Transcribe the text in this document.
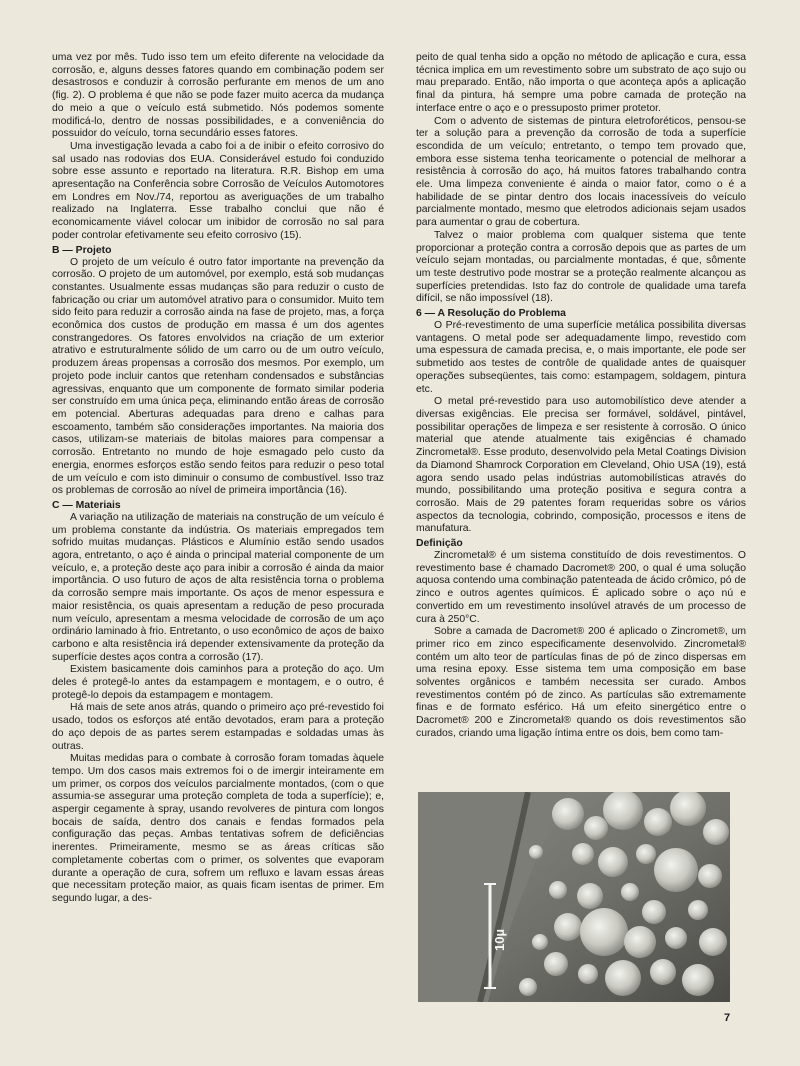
uma vez por mês. Tudo isso tem um efeito diferente na velocidade da corrosão, e, alguns desses fatores quando em combinação podem ser desastrosos e conduzir à corrosão perfurante em menos de um ano (fig. 2). O problema é que não se pode fazer muito acerca da mudança do meio a que o veículo está submetido. Nós podemos somente modificá-lo, dentro de nossas possibilidades, e a conveniência do possuidor do veículo, torna secundário esses fatores.

Uma investigação levada a cabo foi a de inibir o efeito corrosivo do sal usado nas rodovias dos EUA. Considerável estudo foi conduzido sobre esse assunto e reportado na literatura. R.R. Bishop em uma apresentação na Conferência sobre Corrosão de Veículos Automotores em Londres em Nov./74, reportou as averiguações de um trabalho realizado na Inglaterra. Esse trabalho conclui que não é economicamente viável colocar um inibidor de corrosão no sal para poder controlar efetivamente seu efeito corrosivo (15).

B — Projeto

O projeto de um veículo é outro fator importante na prevenção da corrosão. O projeto de um automóvel, por exemplo, está sob mudanças constantes. Usualmente essas mudanças são para reduzir o custo de fabricação ou criar um automóvel atrativo para o consumidor. Muito tem sido feito para reduzir a corrosão ainda na fase de projeto, mas, a força econômica dos custos de produção em massa é um dos agentes constrangedores. Os fatores envolvidos na criação de um exterior atrativo e estruturalmente sólido de um carro ou de um outro veículo, produzem áreas propensas a corrosão dos mesmos. Por exemplo, um projeto pode incluir cantos que retenham condensados e substâncias agressivas, enquanto que um componente de formato similar poderia ser construído em uma única peça, eliminando então áreas de corrosão em potencial. Aberturas adequadas para dreno e calhas para escoamento, também são considerações importantes. Na maioria dos casos, utilizam-se materiais de bitolas maiores para compensar a corrosão. Entretanto no mundo de hoje esmagado pelo custo da energia, enormes esforços estão sendo feitos para reduzir o peso total de um veículo e com isto diminuir o consumo de combustível. Isso traz os problemas de corrosão ao nível de primeira importância (16).

C — Materiais

A variação na utilização de materiais na construção de um veículo é um problema constante da indústria. Os materiais empregados tem sofrido muitas mudanças. Plásticos e Alumínio estão sendo usados agora, entretanto, o aço é ainda o principal material componente de um veículo, e, a proteção deste aço para inibir a corrosão é ainda da maior importância. O uso futuro de aços de alta resistência torna o problema da corrosão sempre mais importante. Os aços de menor espessura e maior resistência, os quais apresentam a redução de peso procurada num veículo, apresentam a mesma velocidade de corrosão de um aço ordinário laminado à frio. Entretanto, o uso econômico de aços de baixo carbono e alta resistência irá depender extensivamente da proteção da superfície destes aços contra a corrosão (17).

Existem basicamente dois caminhos para a proteção do aço. Um deles é protegê-lo antes da estampagem e montagem, e o outro, é protegê-lo depois da estampagem e montagem.

Há mais de sete anos atrás, quando o primeiro aço pré-revestido foi usado, todos os esforços até então devotados, eram para a proteção do aço depois de as partes serem estampadas e soldadas umas às outras.

Muitas medidas para o combate à corrosão foram tomadas àquele tempo. Um dos casos mais extremos foi o de imergir inteiramente em um primer, os corpos dos veículos parcialmente montados, (com o que assumia-se assegurar uma proteção completa de toda a superfície); e, aspergir cegamente à spray, usando revolveres de pintura com longos bocais de saída, dentro dos canais e fendas formados pela configuração das peças. Ambas tentativas sofrem de deficiências inerentes. Primeiramente, mesmo se as áreas críticas são completamente cobertas com o primer, os solventes que evaporam durante a operação de cura, sofrem um refluxo e lavam essas áreas que necessitam proteção maior, as quais ficam isentas de primer. Em segundo lugar, a des-

peito de qual tenha sido a opção no método de aplicação e cura, essa técnica implica em um revestimento sobre um substrato de aço sujo ou mau preparado. Então, não importa o que aconteça após a aplicação final da pintura, há sempre uma pobre camada de proteção na interface entre o aço e o pressuposto primer protetor.

Com o advento de sistemas de pintura eletroforéticos, pensou-se ter a solução para a prevenção da corrosão de toda a superfície escondida de um veículo; entretanto, o tempo tem provado que, embora esse sistema tenha teoricamente o potencial de melhorar a resistência à corrosão do aço, há muitos fatores trabalhando contra ele. Uma limpeza conveniente é ainda o maior fator, como o é a habilidade de se pintar dentro dos locais inacessíveis do veículo parcialmente montado, mesmo que eletrodos adicionais sejam usados para aumentar o grau de cobertura.

Talvez o maior problema com qualquer sistema que tente proporcionar a proteção contra a corrosão depois que as partes de um veículo sejam montadas, ou parcialmente montadas, é que, sômente um teste destrutivo pode mostrar se a proteção realmente alcançou as superfícies pretendidas. Isto faz do controle de qualidade uma tarefa difícil, se não impossível (18).

6 — A Resolução do Problema

O Pré-revestimento de uma superfície metálica possibilita diversas vantagens. O metal pode ser adequadamente limpo, revestido com uma espessura de camada precisa, e, o mais importante, ele pode ser submetido aos testes de contrôle de qualidade antes de quaisquer operações subseqüentes, tais como: estampagem, soldagem, pintura etc.

O metal pré-revestido para uso automobilístico deve atender a diversas exigências. Ele precisa ser formável, soldável, pintável, possibilitar operações de limpeza e ser resistente à corrosão. O único material que atende atualmente tais exigências é chamado Zincrometal®. Esse produto, desenvolvido pela Metal Coatings Division da Diamond Shamrock Corporation em Cleveland, Ohio USA (19), está agora sendo usado pelas indústrias automobilísticas através do mundo, possibilitando uma proteção positiva e segura contra a corrosão. Mais de 29 patentes foram requeridas sobre os vários aspectos da tecnologia, cobrindo, composição, processos e itens de manufatura.

Definição

Zincrometal® é um sistema constituído de dois revestimentos. O revestimento base é chamado Dacromet® 200, o qual é uma solução aquosa contendo uma combinação patenteada de ácido crômico, pó de zinco e outros agentes químicos. É aplicado sobre o aço nú e convertido em um revestimento insolúvel através de um processo de cura à 250°C.

Sobre a camada de Dacromet® 200 é aplicado o Zincromet®, um primer rico em zinco especificamente desenvolvido. Zincrometal® contém um alto teor de partículas finas de pó de zinco dispersas em uma resina epoxy. Esse sistema tem uma composição em base solventes orgânicos e também necessita ser curado. Ambos revestimentos contém pó de zinco. As partículas são extremamente finas e de formato esférico. Há um efeito sinergético entre o Dacromet® 200 e Zincrometal® quando os dois revestimentos são curados, criando uma ligação íntima entre os dois, bem como tam-

10µ
7
